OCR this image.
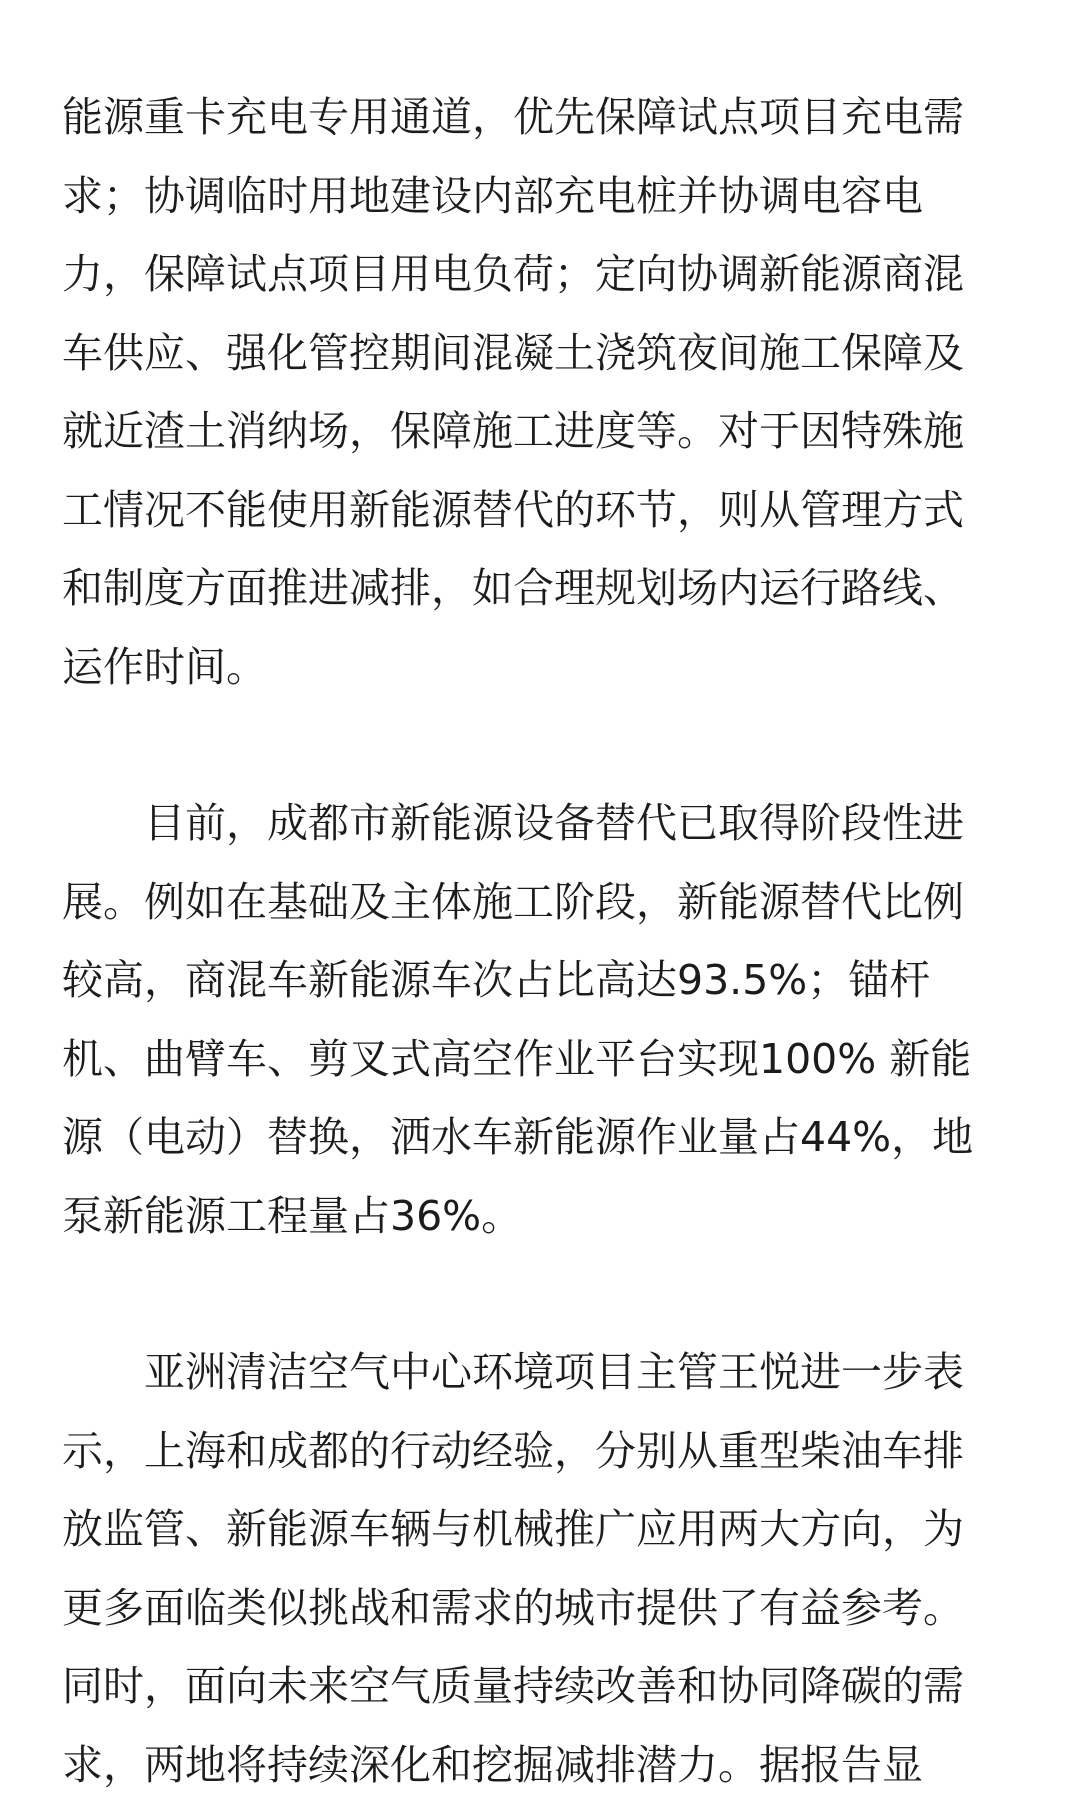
能源重卡充电专用通道，优先保障试点项目充电需
求；协调临时用地建设内部充电桩并协调电容电
力，保障试点项目用电负荷；定向协调新能源商混
车供应、强化管控期间混凝土浇筑夜间施工保障及
就近渣土消纳场，保障施工进度等。对于因特殊施
工情况不能使用新能源替代的环节，则从管理方式
和制度方面推进减排，如合理规划场内运行路线、
运作时间。
目前，成都市新能源设备替代已取得阶段性进
展。例如在基础及主体施工阶段，新能源替代比例
较高，商混车新能源车次占比高达93.5%；锚杆
机、曲臂车、剪叉式高空作业平台实现100% 新能
源（电动）替换，洒水车新能源作业量占44%，地
泵新能源工程量占36%。
亚洲清洁空气中心环境项目主管王悦进一步表
示，上海和成都的行动经验，分别从重型柴油车排
放监管、新能源车辆与机械推广应用两大方向，为
更多面临类似挑战和需求的城市提供了有益参考。
同时，面向未来空气质量持续改善和协同降碳的需
求，两地将持续深化和挖掘减排潜力。据报告显
